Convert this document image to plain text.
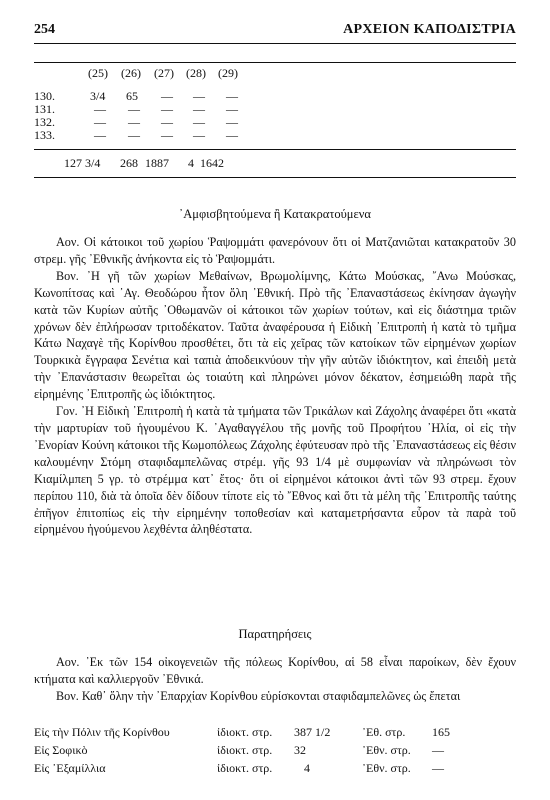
254	ΑΡΧΕΙΟΝ ΚΑΠΟΔΙΣΤΡΙΑ
(25) (26) (27) (28) (29)
130.	3/4 65 — — —
131.	— — — — —
132.	— — — — —
133.	— — — — —
127 3/4 268 1887 4 1642
᾽Αμφισβητούμενα ἢ Κατακρατούμενα

Αον. Οἱ κάτοικοι τοῦ χωρίου Ῥαψομμάτι φανερόνουν ὅτι οἱ Ματζανιῶται κατακρατοῦν 30 στρεμ. γῆς ᾽Εθνικῆς ἀνήκοντα εἰς τὸ Ῥαψομμάτι.

Βον. ᾽Η γῆ τῶν χωρίων Μεθαίνων, Βρωμολίμνης, Κάτω Μούσκας, ῎Ανω Μούσκας, Κωνοπίτσας καὶ ᾽Αγ. Θεοδώρου ἦτον ὅλη ᾽Εθνική. Πρὸ τῆς ᾽Επαναστάσεως ἐκίνησαν ἀγωγὴν κατὰ τῶν Κυρίων αὐτῆς ᾽Οθωμανῶν οἱ κάτοικοι τῶν χωρίων τούτων, καὶ εἰς διάστημα τριῶν χρόνων δὲν ἐπλήρωσαν τριτοδέκατον. Ταῦτα ἀναφέρουσα ἡ Εἰδικὴ ᾽Επιτροπὴ ἡ κατὰ τὸ τμῆμα Κάτω Ναχαγὲ τῆς Κορίνθου προσθέτει, ὅτι τὰ εἰς χεῖρας τῶν κατοίκων τῶν εἰρημένων χωρίων Τουρκικὰ ἔγγραφα Σενέτια καὶ ταπιὰ ἀποδεικνύουν τὴν γῆν αὐτῶν ἰδιόκτητον, καὶ ἐπειδὴ μετὰ τὴν ᾽Επανάστασιν θεωρεῖται ὡς τοιαύτη καὶ πληρώνει μόνον δέκατον, ἐσημειώθη παρὰ τῆς εἰρημένης ᾽Επιτροπῆς ὡς ἰδιόκτητος.

Γον. ᾽Η Εἰδικὴ ᾽Επιτροπὴ ἡ κατὰ τὰ τμήματα τῶν Τρικάλων καὶ Ζάχολης ἀναφέρει ὅτι «κατὰ τὴν μαρτυρίαν τοῦ ἡγουμένου Κ. ᾽Αγαθαγγέλου τῆς μονῆς τοῦ Προφήτου ᾽Ηλία, οἱ εἰς τὴν ᾽Ενορίαν Κούνη κάτοικοι τῆς Κωμοπόλεως Ζάχολης ἐφύτευσαν πρὸ τῆς ᾽Επαναστάσεως εἰς θέσιν καλουμένην Στόμη σταφιδαμπελῶνας στρέμ. γῆς 93 1/4 μὲ συμφωνίαν νὰ πληρώνωσι τὸν Κιαμίλμπεη 5 γρ. τὸ στρέμμα κατ᾽ ἔτος· ὅτι οἱ εἰρημένοι κάτοικοι ἀντὶ τῶν 93 στρεμ. ἔχουν περίπου 110, διὰ τὰ ὁποῖα δὲν δίδουν τίποτε εἰς τὸ ῎Εθνος καὶ ὅτι τὰ μέλη τῆς ᾽Επιτροπῆς ταύτης ἐπῆγον ἐπιτοπίως εἰς τὴν εἰρημένην τοποθεσίαν καὶ καταμετρήσαντα εὗρον τὰ παρὰ τοῦ εἰρημένου ἡγούμενου λεχθέντα ἀληθέστατα.

Παρατηρήσεις

Αον. ᾽Εκ τῶν 154 οἰκογενειῶν τῆς πόλεως Κορίνθου, αἱ 58 εἶναι παροίκων, δὲν ἔχουν κτήματα καὶ καλλιεργοῦν ᾽Εθνικά.

Βον. Καθ᾽ ὅλην τὴν ᾽Επαρχίαν Κορίνθου εὑρίσκονται σταφιδαμπελῶνες ὡς ἔπεται

Εἰς τὴν Πόλιν τῆς Κορίνθου	ἰδιοκτ. στρ. 387 1/2	᾽Εθ. στρ. 165
Εἰς Σοφικὸ	ἰδιοκτ. στρ. 32	᾽Εθν. στρ. —
Εἰς ᾽Εξαμίλλια	ἰδιοκτ. στρ.	4	᾽Εθν. στρ. —
